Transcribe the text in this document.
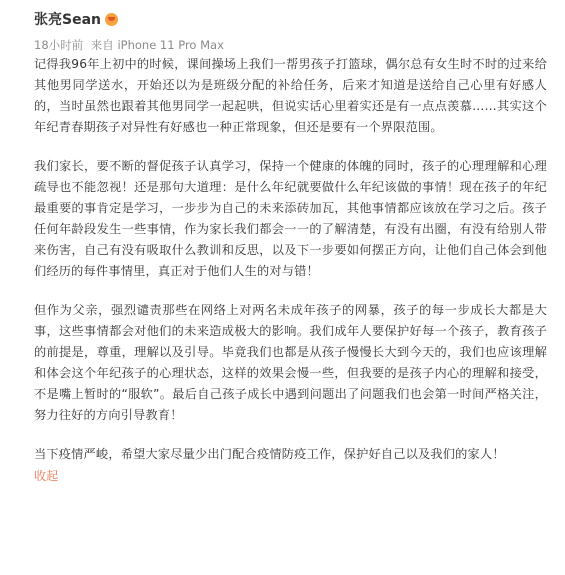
张亮Sean
18小时前 来自 iPhone 11 Pro Max

记得我96年上初中的时候，课间操场上我们一帮男孩子打篮球，偶尔总有女生时不时的过来给其他男同学送水，开始还以为是班级分配的补给任务，后来才知道是送给自己心里有好感人的，当时虽然也跟着其他男同学一起起哄，但说实话心里着实还是有一点点羡慕……其实这个年纪青春期孩子对异性有好感也一种正常现象，但还是要有一个界限范围。

我们家长，要不断的督促孩子认真学习，保持一个健康的体魄的同时，孩子的心理理解和心理疏导也不能忽视！还是那句大道理：是什么年纪就要做什么年纪该做的事情！现在孩子的年纪最重要的事肯定是学习，一步步为自己的未来添砖加瓦，其他事情都应该放在学习之后。孩子任何年龄段发生一些事情，作为家长我们都会一一的了解清楚，有没有出圈，有没有给别人带来伤害，自己有没有吸取什么教训和反思，以及下一步要如何摆正方向，让他们自己体会到他们经历的每件事情里，真正对于他们人生的对与错！

但作为父亲，强烈谴责那些在网络上对两名未成年孩子的网暴，孩子的每一步成长大都是大事，这些事情都会对他们的未来造成极大的影响。我们成年人要保护好每一个孩子，教育孩子的前提是，尊重，理解以及引导。毕竟我们也都是从孩子慢慢长大到今天的，我们也应该理解和体会这个年纪孩子的心理状态，这样的效果会慢一些，但我要的是孩子内心的理解和接受，不是嘴上暂时的“服软”。最后自己孩子成长中遇到问题出了问题我们也会第一时间严格关注，努力往好的方向引导教育！

当下疫情严峻，希望大家尽量少出门配合疫情防疫工作，保护好自己以及我们的家人！

收起
